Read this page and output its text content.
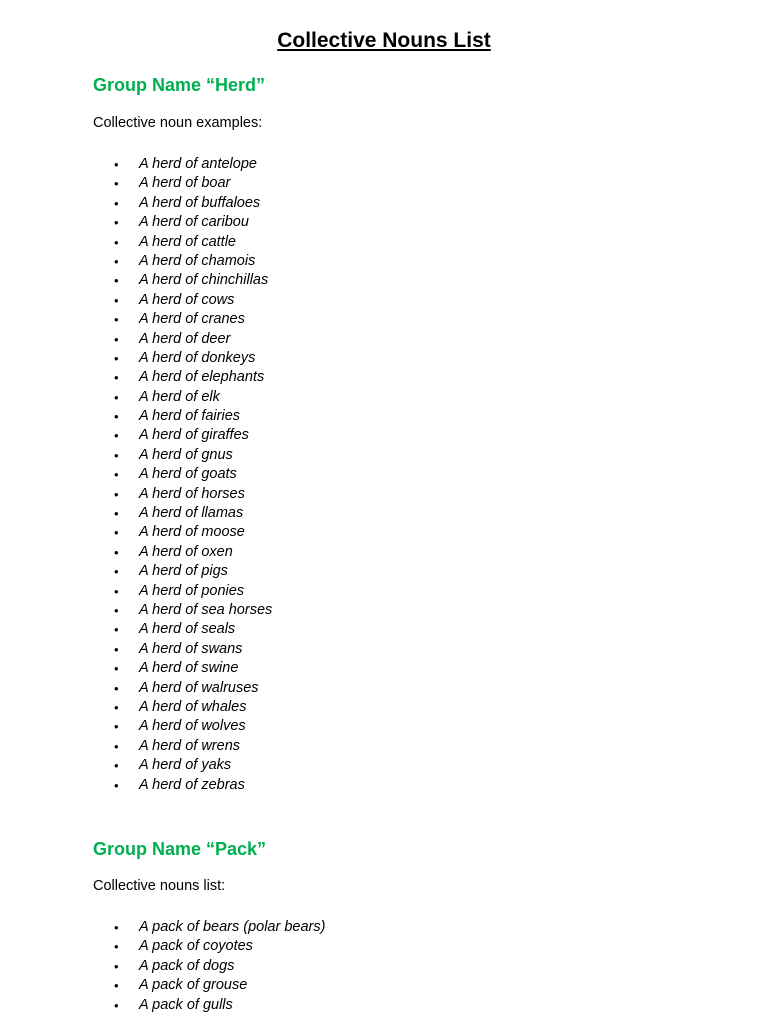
Collective Nouns List
Group Name “Herd”

Collective noun examples:

• A herd of antelope
• A herd of boar
• A herd of buffaloes
• A herd of caribou
• A herd of cattle
• A herd of chamois
• A herd of chinchillas
• A herd of cows
• A herd of cranes
• A herd of deer
• A herd of donkeys
• A herd of elephants
• A herd of elk
• A herd of fairies
• A herd of giraffes
• A herd of gnus
• A herd of goats
• A herd of horses
• A herd of llamas
• A herd of moose
• A herd of oxen
• A herd of pigs
• A herd of ponies
• A herd of sea horses
• A herd of seals
• A herd of swans
• A herd of swine
• A herd of walruses
• A herd of whales
• A herd of wolves
• A herd of wrens
• A herd of yaks
• A herd of zebras
Group Name “Pack”

Collective nouns list:

• A pack of bears (polar bears)
• A pack of coyotes
• A pack of dogs
• A pack of grouse
• A pack of gulls
